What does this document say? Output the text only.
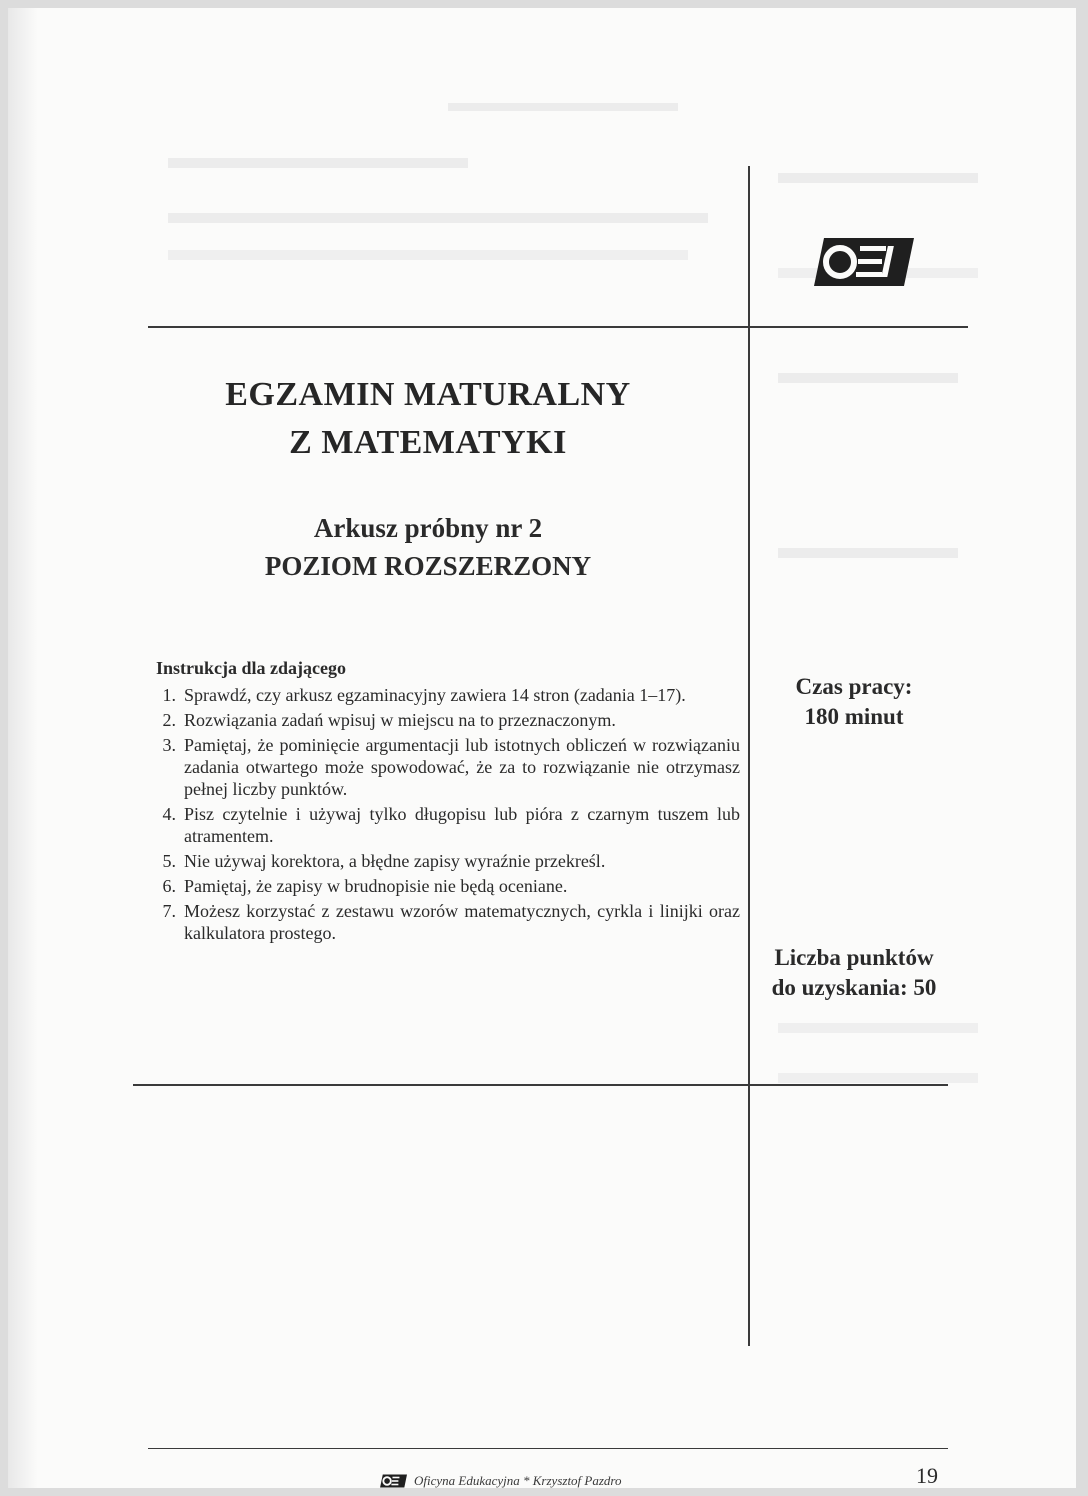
EGZAMIN MATURALNY
Z MATEMATYKI
Arkusz próbny nr 2
POZIOM ROZSZERZONY
Instrukcja dla zdającego
1. Sprawdź, czy arkusz egzaminacyjny zawiera 14 stron (zadania 1–17).
2. Rozwiązania zadań wpisuj w miejscu na to przeznaczonym.
3. Pamiętaj, że pominięcie argumentacji lub istotnych obliczeń w rozwiązaniu zadania otwartego może spowodować, że za to rozwiązanie nie otrzymasz pełnej liczby punktów.
4. Pisz czytelnie i używaj tylko długopisu lub pióra z czarnym tuszem lub atramentem.
5. Nie używaj korektora, a błędne zapisy wyraźnie przekreśl.
6. Pamiętaj, że zapisy w brudnopisie nie będą oceniane.
7. Możesz korzystać z zestawu wzorów matematycznych, cyrkla i linijki oraz kalkulatora prostego.
Czas pracy:
180 minut
Liczba punktów
do uzyskania: 50
Oficyna Edukacyjna * Krzysztof Pazdro	19
